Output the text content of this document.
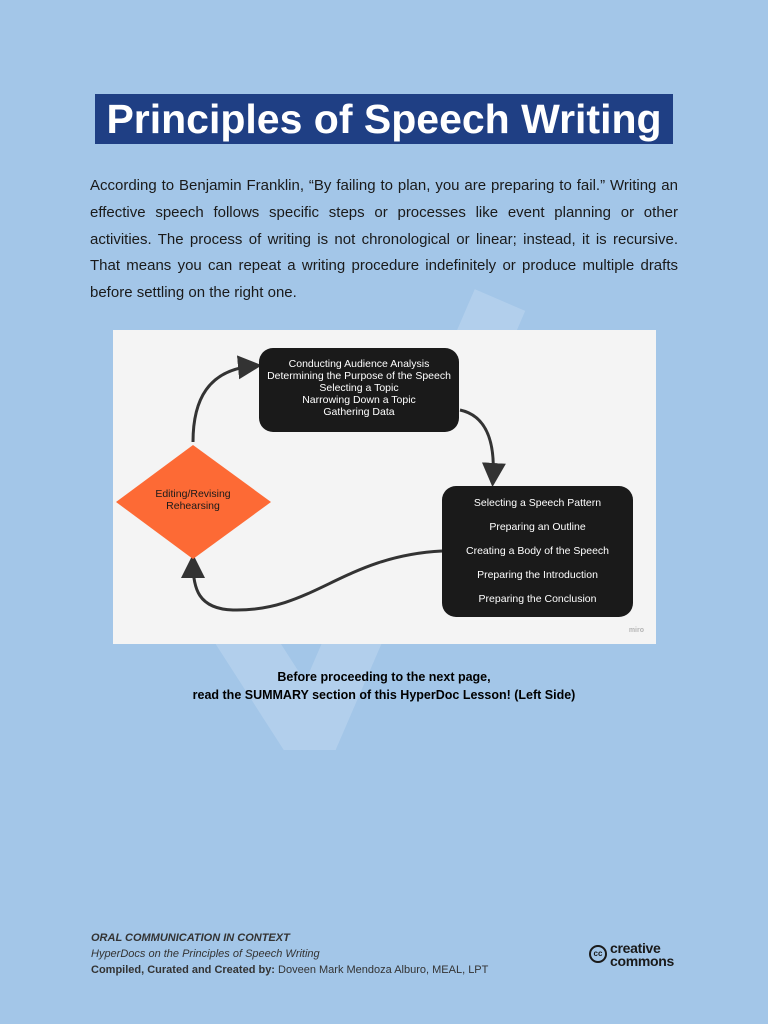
Principles of Speech Writing

According to Benjamin Franklin, “By failing to plan, you are preparing to fail.” Writing an effective speech follows specific steps or processes like event planning or other activities. The process of writing is not chronological or linear; instead, it is recursive. That means you can repeat a writing procedure indefinitely or produce multiple drafts before settling on the right one.

Conducting Audience Analysis
Determining the Purpose of the Speech
Selecting a Topic
Narrowing Down a Topic
Gathering Data
Selecting a Speech Pattern
Preparing an Outline
Creating a Body of the Speech
Preparing the Introduction
Preparing the Conclusion
Editing/Revising
Rehearsing
miro
Before proceeding to the next page,
read the SUMMARY section of this HyperDoc Lesson! (Left Side)
ORAL COMMUNICATION IN CONTEXT
HyperDocs on the Principles of Speech Writing
Compiled, Curated and Created by: Doveen Mark Mendoza Alburo, MEAL, LPT
cc creative
commons
